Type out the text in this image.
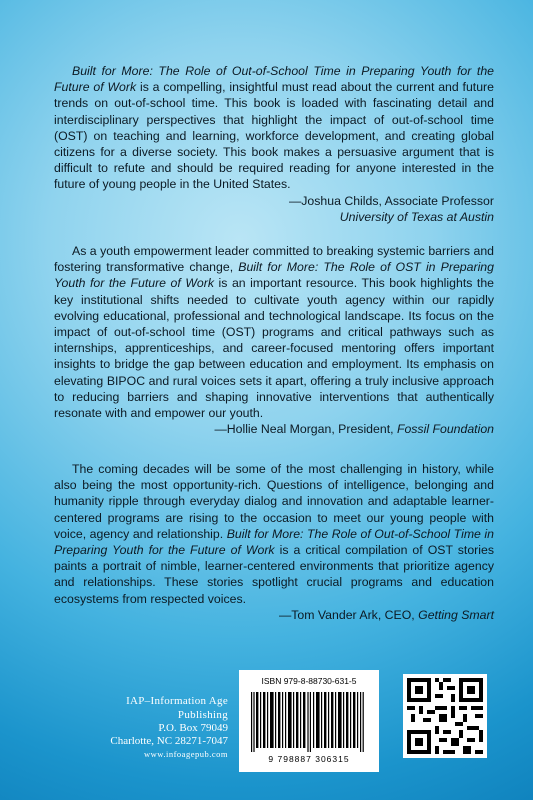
Built for More: The Role of Out-of-School Time in Preparing Youth for the Future of Work is a compelling, insightful must read about the current and future trends on out-of-school time. This book is loaded with fascinating detail and interdisciplinary perspectives that highlight the impact of out-of-school time (OST) on teaching and learning, workforce development, and creating global citizens for a diverse society. This book makes a persuasive argument that is difficult to refute and should be required reading for anyone interested in the future of young people in the United States.

—Joshua Childs, Associate Professor

University of Texas at Austin

As a youth empowerment leader committed to breaking systemic barriers and fostering transformative change, Built for More: The Role of OST in Preparing Youth for the Future of Work is an important resource. This book highlights the key institutional shifts needed to cultivate youth agency within our rapidly evolving educational, professional and technological landscape. Its focus on the impact of out-of-school time (OST) programs and critical pathways such as internships, apprenticeships, and career-focused mentoring offers important insights to bridge the gap between education and employment. Its emphasis on elevating BIPOC and rural voices sets it apart, offering a truly inclusive approach to reducing barriers and shaping innovative interventions that authentically resonate with and empower our youth.

—Hollie Neal Morgan, President, Fossil Foundation

The coming decades will be some of the most challenging in history, while also being the most opportunity-rich. Questions of intelligence, belonging and humanity ripple through everyday dialog and innovation and adaptable learner-centered programs are rising to the occasion to meet our young people with voice, agency and relationship. Built for More: The Role of Out-of-School Time in Preparing Youth for the Future of Work is a critical compilation of OST stories paints a portrait of nimble, learner-centered environments that prioritize agency and relationships. These stories spotlight crucial programs and education ecosystems from respected voices.

—Tom Vander Ark, CEO, Getting Smart

IAP–Information Age Publishing
P.O. Box 79049
Charlotte, NC 28271-7047
www.infoagepub.com
ISBN 979-8-88730-631-5
9 798887 306315
